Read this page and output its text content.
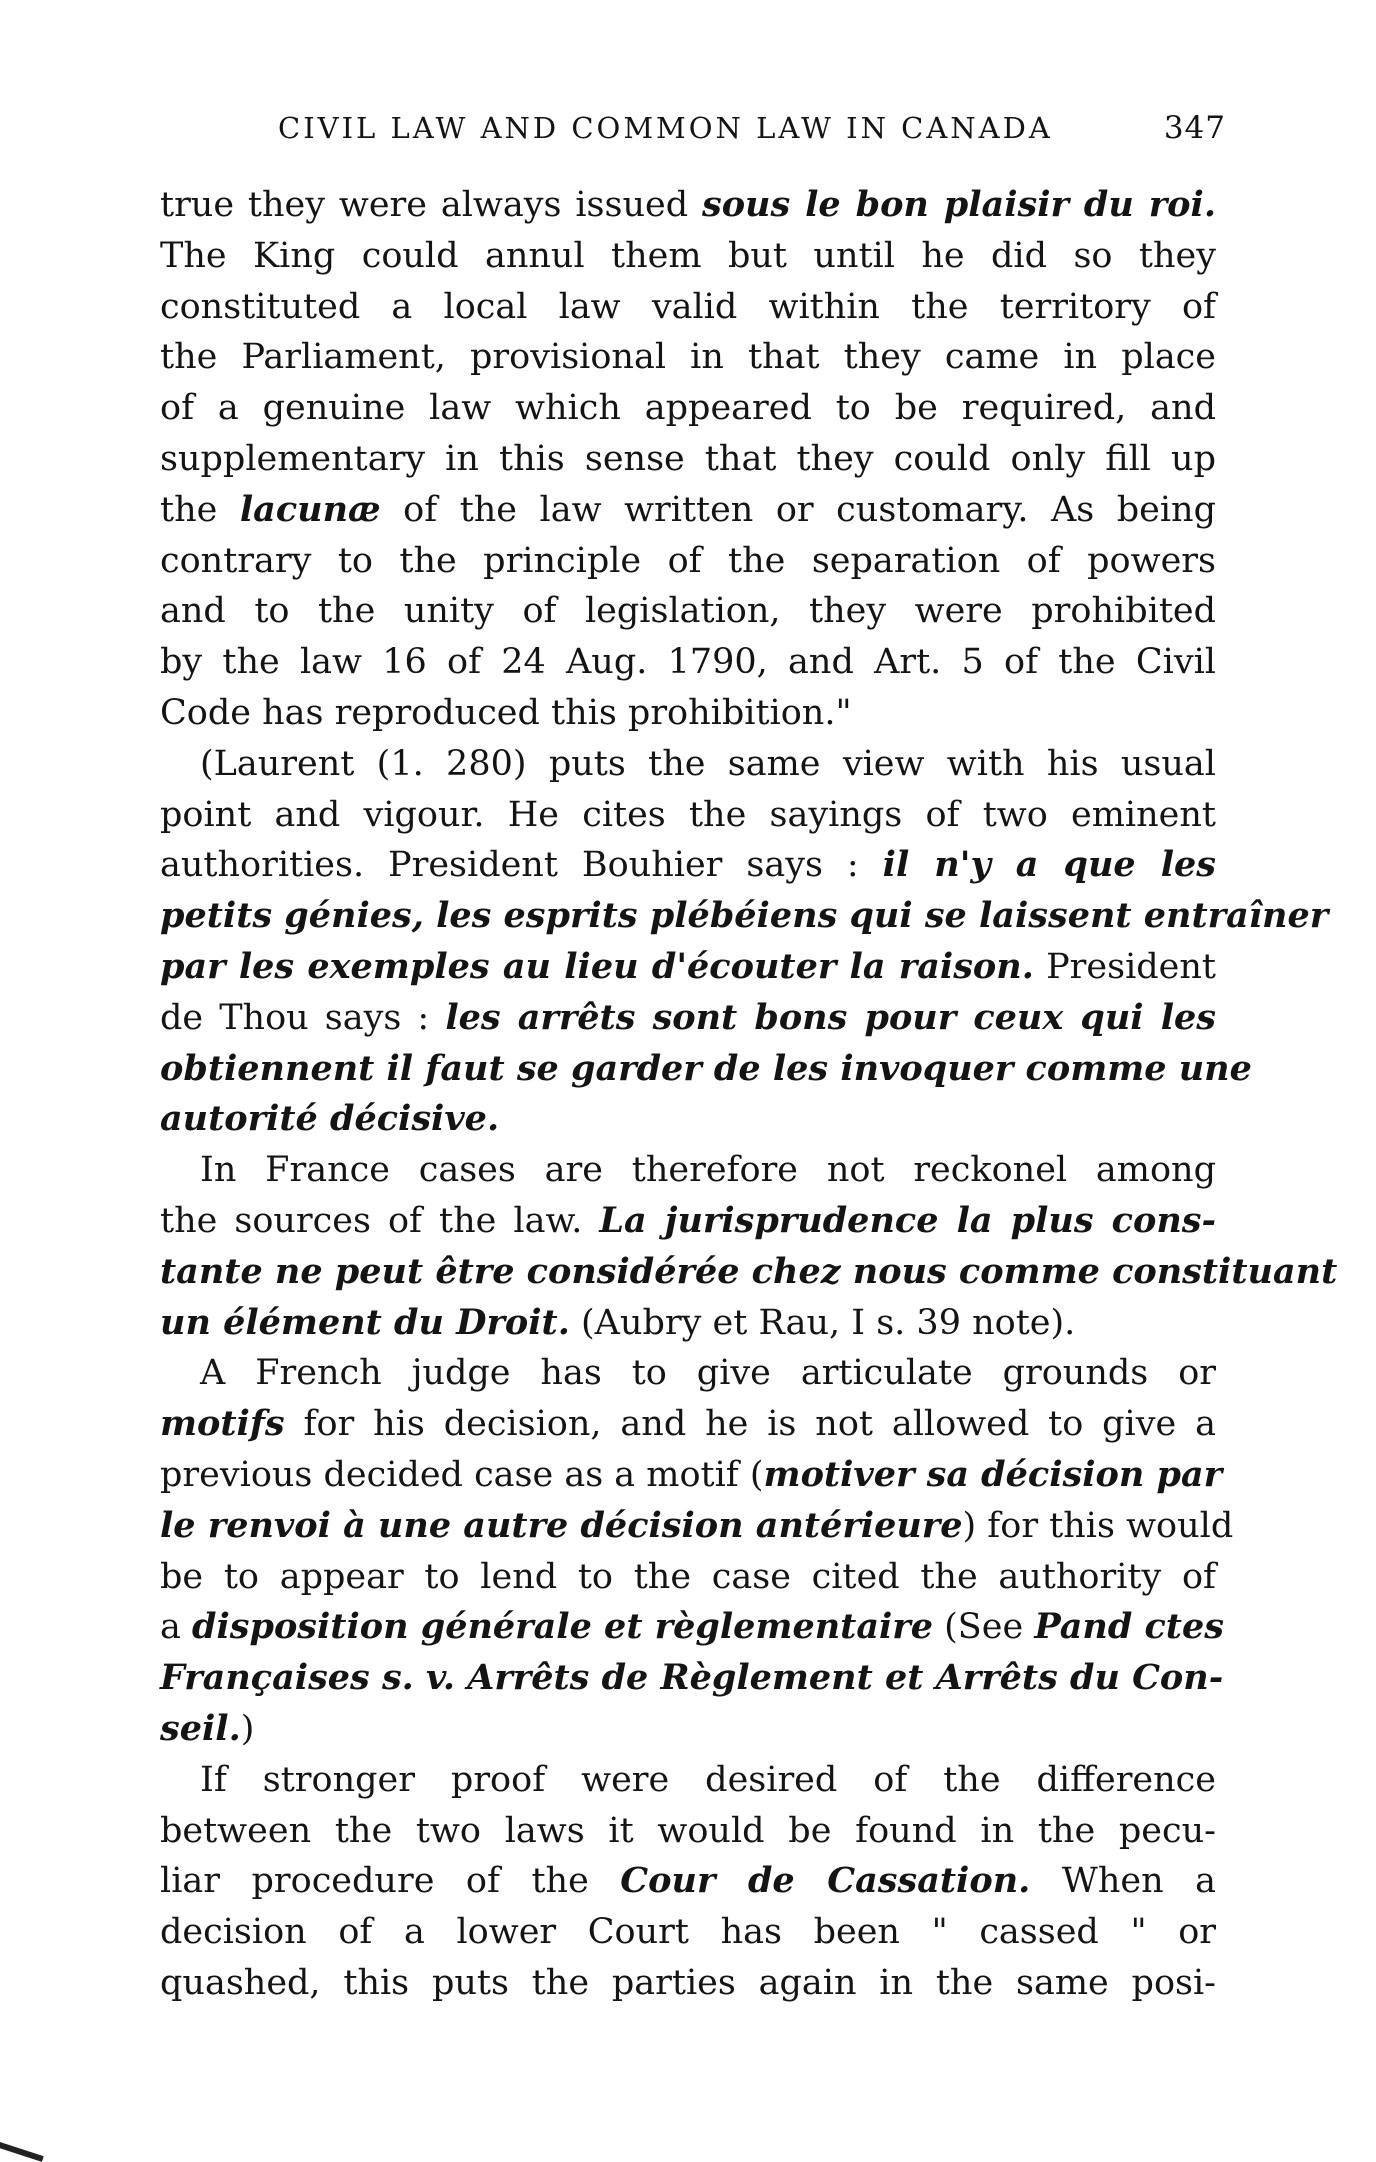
CIVIL LAW AND COMMON LAW IN CANADA	347
true they were always issued sous le bon plaisir du roi.
The King could annul them but until he did so they
constituted a local law valid within the territory of
the Parliament, provisional in that they came in place
of a genuine law which appeared to be required, and
supplementary in this sense that they could only fill up
the lacunæ of the law written or customary. As being
contrary to the principle of the separation of powers
and to the unity of legislation, they were prohibited
by the law 16 of 24 Aug. 1790, and Art. 5 of the Civil
Code has reproduced this prohibition."
(Laurent (1. 280) puts the same view with his usual
point and vigour. He cites the sayings of two eminent
authorities. President Bouhier says : il n'y a que les
petits génies, les esprits plébéiens qui se laissent entraîner
par les exemples au lieu d'écouter la raison. President
de Thou says : les arrêts sont bons pour ceux qui les
obtiennent il faut se garder de les invoquer comme une
autorité décisive.
In France cases are therefore not reckonel among
the sources of the law. La jurisprudence la plus cons-
tante ne peut être considérée chez nous comme constituant
un élément du Droit. (Aubry et Rau, I s. 39 note).
A French judge has to give articulate grounds or
motifs for his decision, and he is not allowed to give a
previous decided case as a motif (motiver sa décision par
le renvoi à une autre décision antérieure) for this would
be to appear to lend to the case cited the authority of
a disposition générale et règlementaire (See Pand ctes
Françaises s. v. Arrêts de Règlement et Arrêts du Con-
seil.)
If stronger proof were desired of the difference
between the two laws it would be found in the pecu-
liar procedure of the Cour de Cassation. When a
decision of a lower Court has been " cassed " or
quashed, this puts the parties again in the same posi-
